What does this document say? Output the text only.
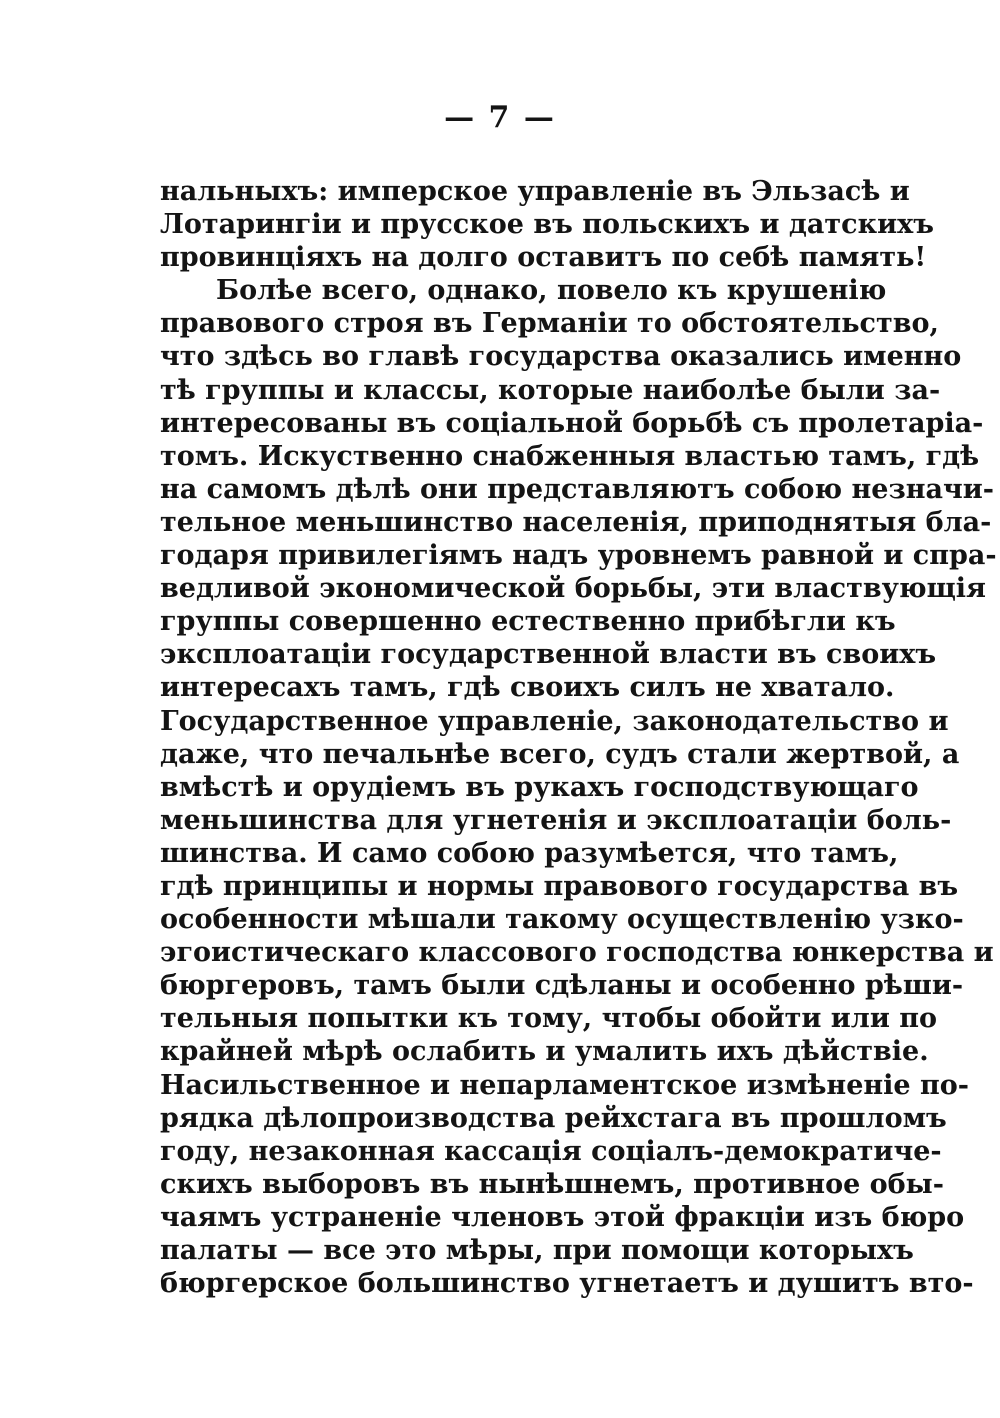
— 7 —
нальныхъ: имперское управленіе въ Эльзасѣ и
Лотарингіи и прусское въ польскихъ и датскихъ
провинціяхъ на долго оставитъ по себѣ память!
Болѣе всего, однако, повело къ крушенію
правового строя въ Германіи то обстоятельство,
что здѣсь во главѣ государства оказались именно
тѣ группы и классы, которые наиболѣе были за-
интересованы въ соціальной борьбѣ съ пролетаріа-
томъ. Искуственно снабженныя властью тамъ, гдѣ
на самомъ дѣлѣ они представляютъ собою незначи-
тельное меньшинство населенія, приподнятыя бла-
годаря привилегіямъ надъ уровнемъ равной и спра-
ведливой экономической борьбы, эти властвующія
группы совершенно естественно прибѣгли къ
эксплоатаціи государственной власти въ своихъ
интересахъ тамъ, гдѣ своихъ силъ не хватало.
Государственное управленіе, законодательство и
даже, что печальнѣе всего, судъ стали жертвой, а
вмѣстѣ и орудіемъ въ рукахъ господствующаго
меньшинства для угнетенія и эксплоатаціи боль-
шинства. И само собою разумѣется, что тамъ,
гдѣ принципы и нормы правового государства въ
особенности мѣшали такому осуществленію узко-
эгоистическаго классового господства юнкерства и
бюргеровъ, тамъ были сдѣланы и особенно рѣши-
тельныя попытки къ тому, чтобы обойти или по
крайней мѣрѣ ослабить и умалить ихъ дѣйствіе.
Насильственное и непарламентское измѣненіе по-
рядка дѣлопроизводства рейхстага въ прошломъ
году, незаконная кассація соціалъ-демократиче-
скихъ выборовъ въ нынѣшнемъ, противное обы-
чаямъ устраненіе членовъ этой фракціи изъ бюро
палаты — все это мѣры, при помощи которыхъ
бюргерское большинство угнетаетъ и душитъ вто-
